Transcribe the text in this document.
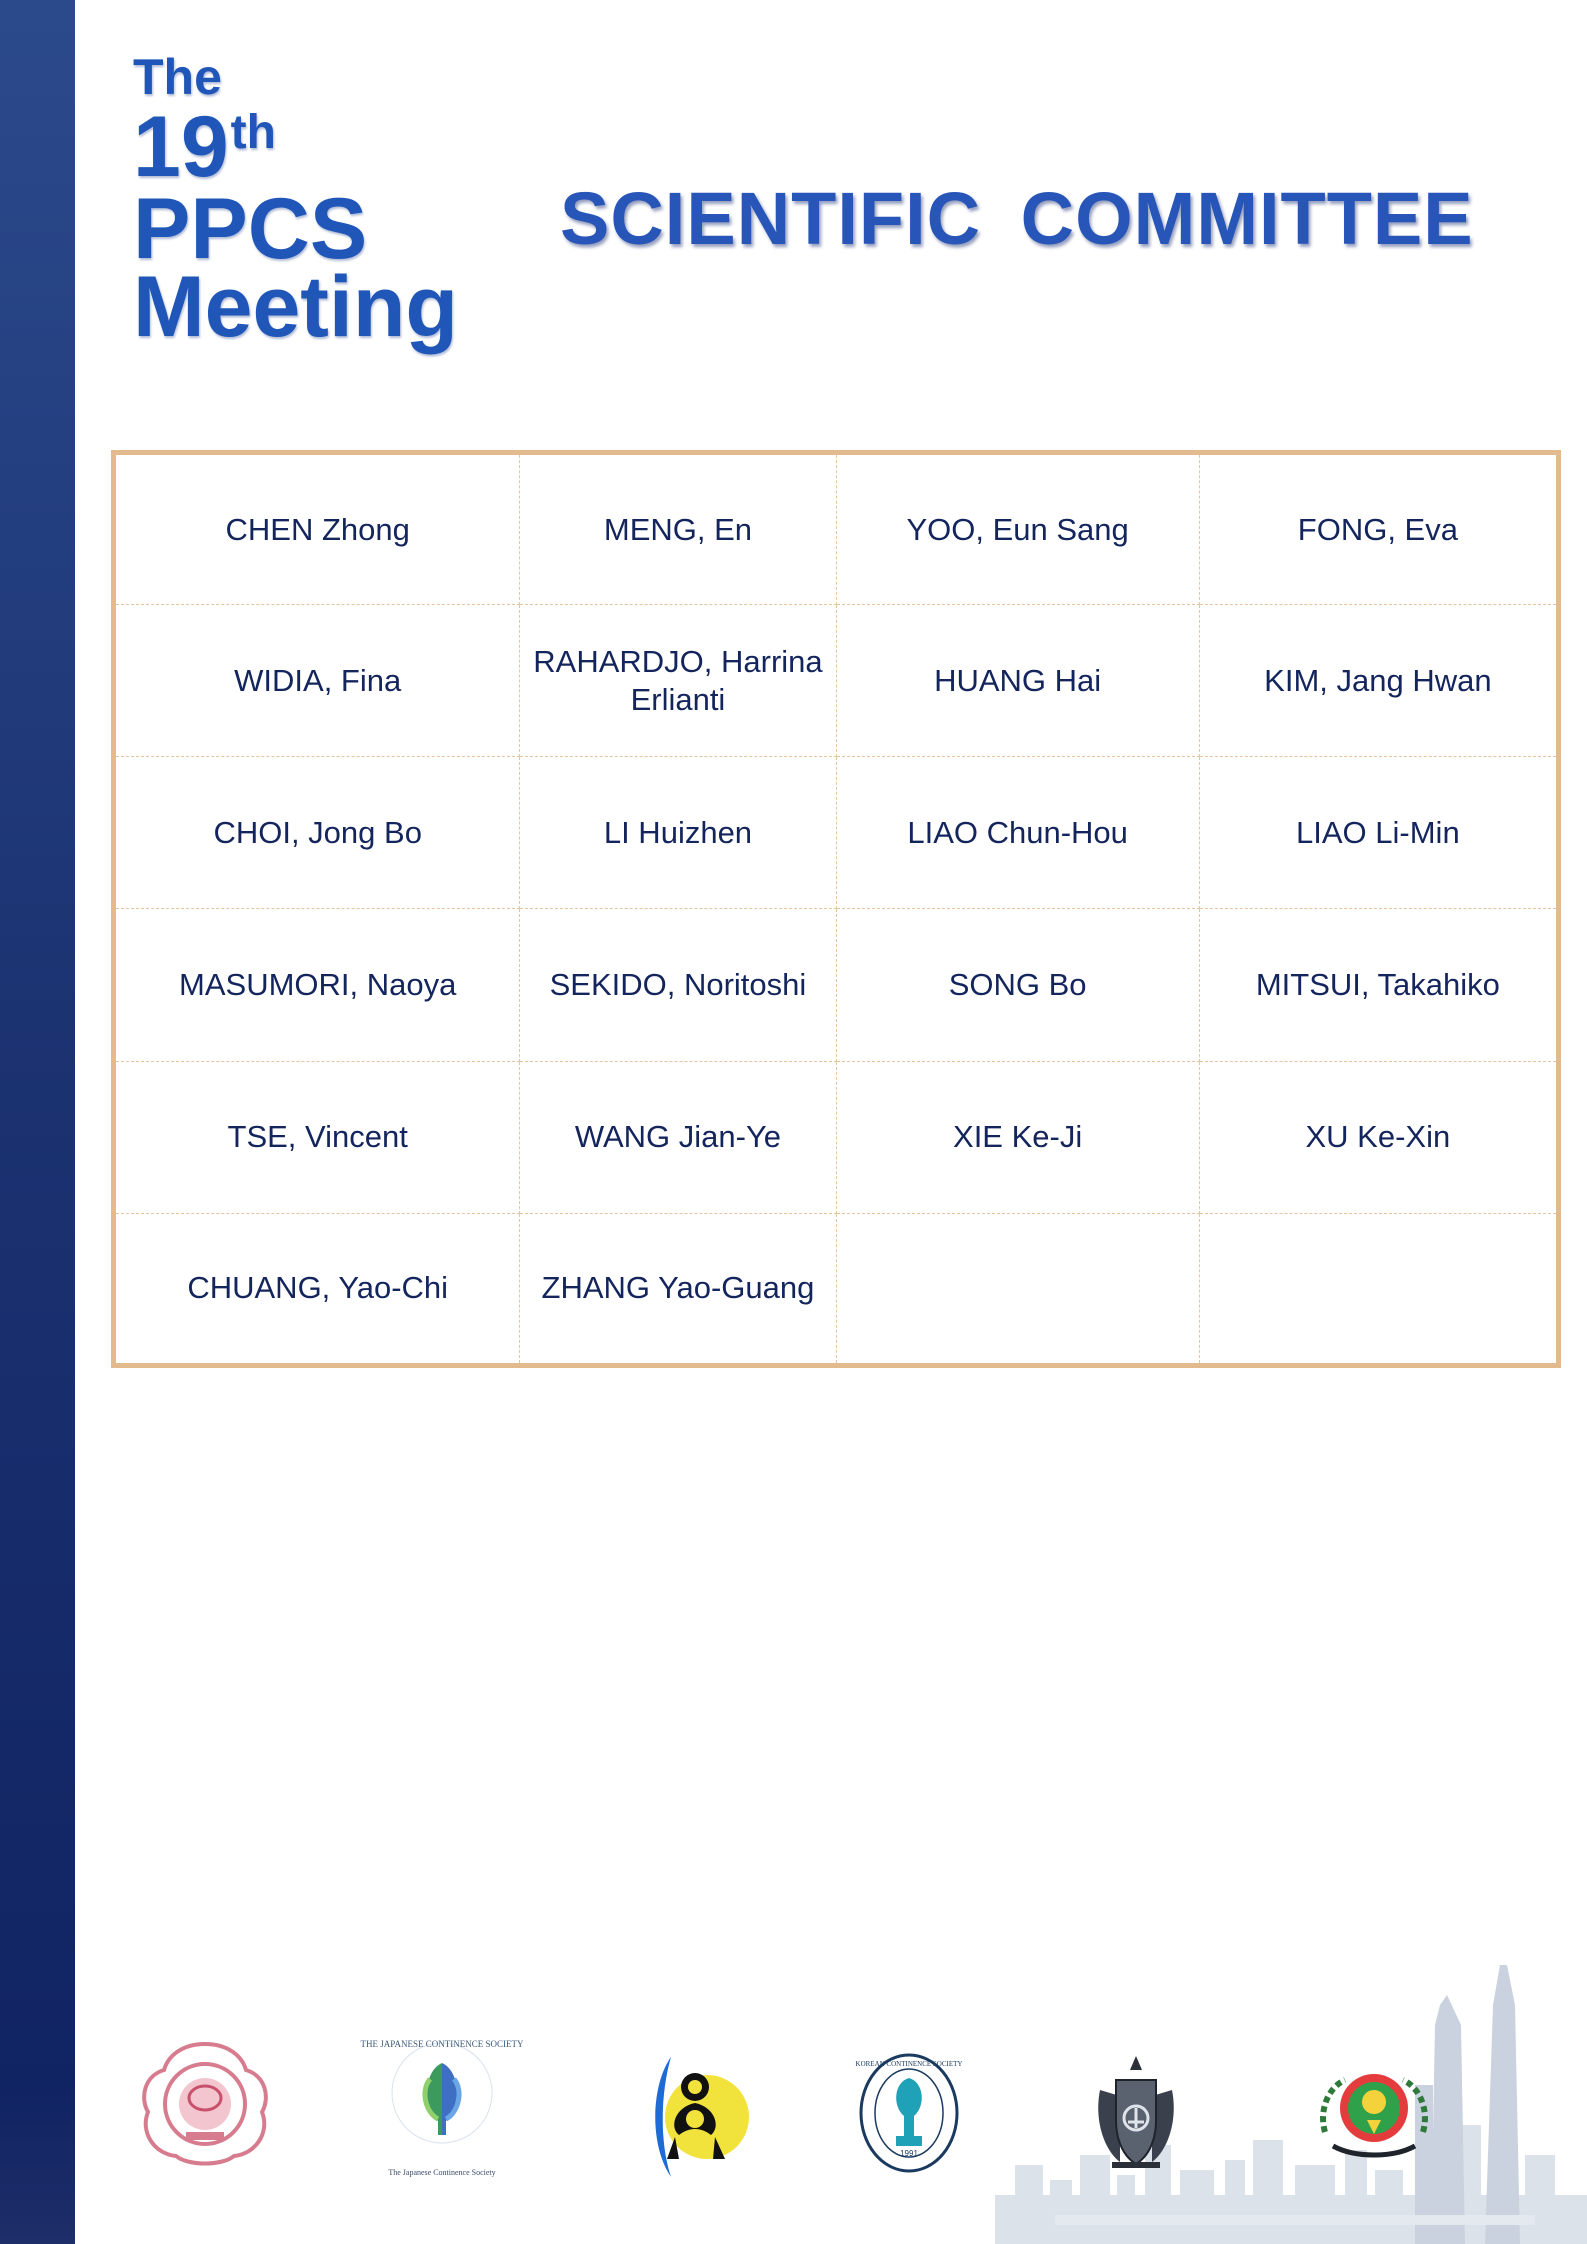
The
19th
PPCS
Meeting
SCIENTIFIC COMMITTEE
CHEN Zhong	MENG, En	YOO, Eun Sang	FONG, Eva
WIDIA, Fina	RAHARDJO, Harrina Erlianti	HUANG Hai	KIM, Jang Hwan
CHOI, Jong Bo	LI Huizhen	LIAO Chun-Hou	LIAO Li-Min
MASUMORI, Naoya	SEKIDO, Noritoshi	SONG Bo	MITSUI, Takahiko
TSE, Vincent	WANG Jian-Ye	XIE Ke-Ji	XU Ke-Xin
CHUANG, Yao-Chi	ZHANG Yao-Guang		
THE JAPANESE CONTINENCE SOCIETY
The Japanese Continence Society
KOREAN CONTINENCE SOCIETY
1991
